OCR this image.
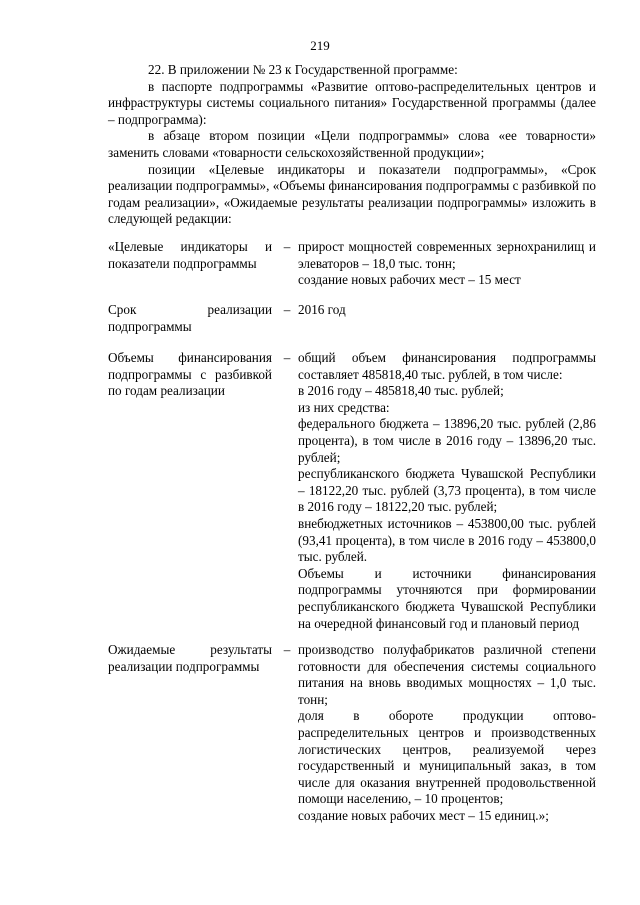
219

22. В приложении № 23 к Государственной программе:

в паспорте подпрограммы «Развитие оптово-распределительных центров и инфраструктуры системы социального питания» Государственной программы (далее – подпрограмма):

в абзаце втором позиции «Цели подпрограммы» слова «ее товарности» заменить словами «товарности сельскохозяйственной продукции»;

позиции «Целевые индикаторы и показатели подпрограммы», «Срок реализации подпрограммы», «Объемы финансирования подпрограммы с разбивкой по годам реализации», «Ожидаемые результаты реализации подпрограммы» изложить в следующей редакции:

«Целевые индикаторы и показатели подпрограммы
– прирост мощностей современных зернохранилищ и элеваторов – 18,0 тыс. тонн;

создание новых рабочих мест – 15 мест

Срок реализации подпрограммы
– 2016 год

Объемы финансирования подпрограммы с разбивкой по годам реализации
– общий объем финансирования подпрограммы составляет 485818,40 тыс. рублей, в том числе:

в 2016 году – 485818,40 тыс. рублей;

из них средства:

федерального бюджета – 13896,20 тыс. рублей (2,86 процента), в том числе в 2016 году – 13896,20 тыс. рублей;

республиканского бюджета Чувашской Республики – 18122,20 тыс. рублей (3,73 процента), в том числе в 2016 году – 18122,20 тыс. рублей;

внебюджетных источников – 453800,00 тыс. рублей (93,41 процента), в том числе в 2016 году – 453800,0 тыс. рублей.

Объемы и источники финансирования подпрограммы уточняются при формировании республиканского бюджета Чувашской Республики на очередной финансовый год и плановый период

Ожидаемые результаты реализации подпрограммы
– производство полуфабрикатов различной степени готовности для обеспечения системы социального питания на вновь вводимых мощностях – 1,0 тыс. тонн;

доля в обороте продукции оптово-распределительных центров и производственных логистических центров, реализуемой через государственный и муниципальный заказ, в том числе для оказания внутренней продовольственной помощи населению, – 10 процентов;

создание новых рабочих мест – 15 единиц.»;
